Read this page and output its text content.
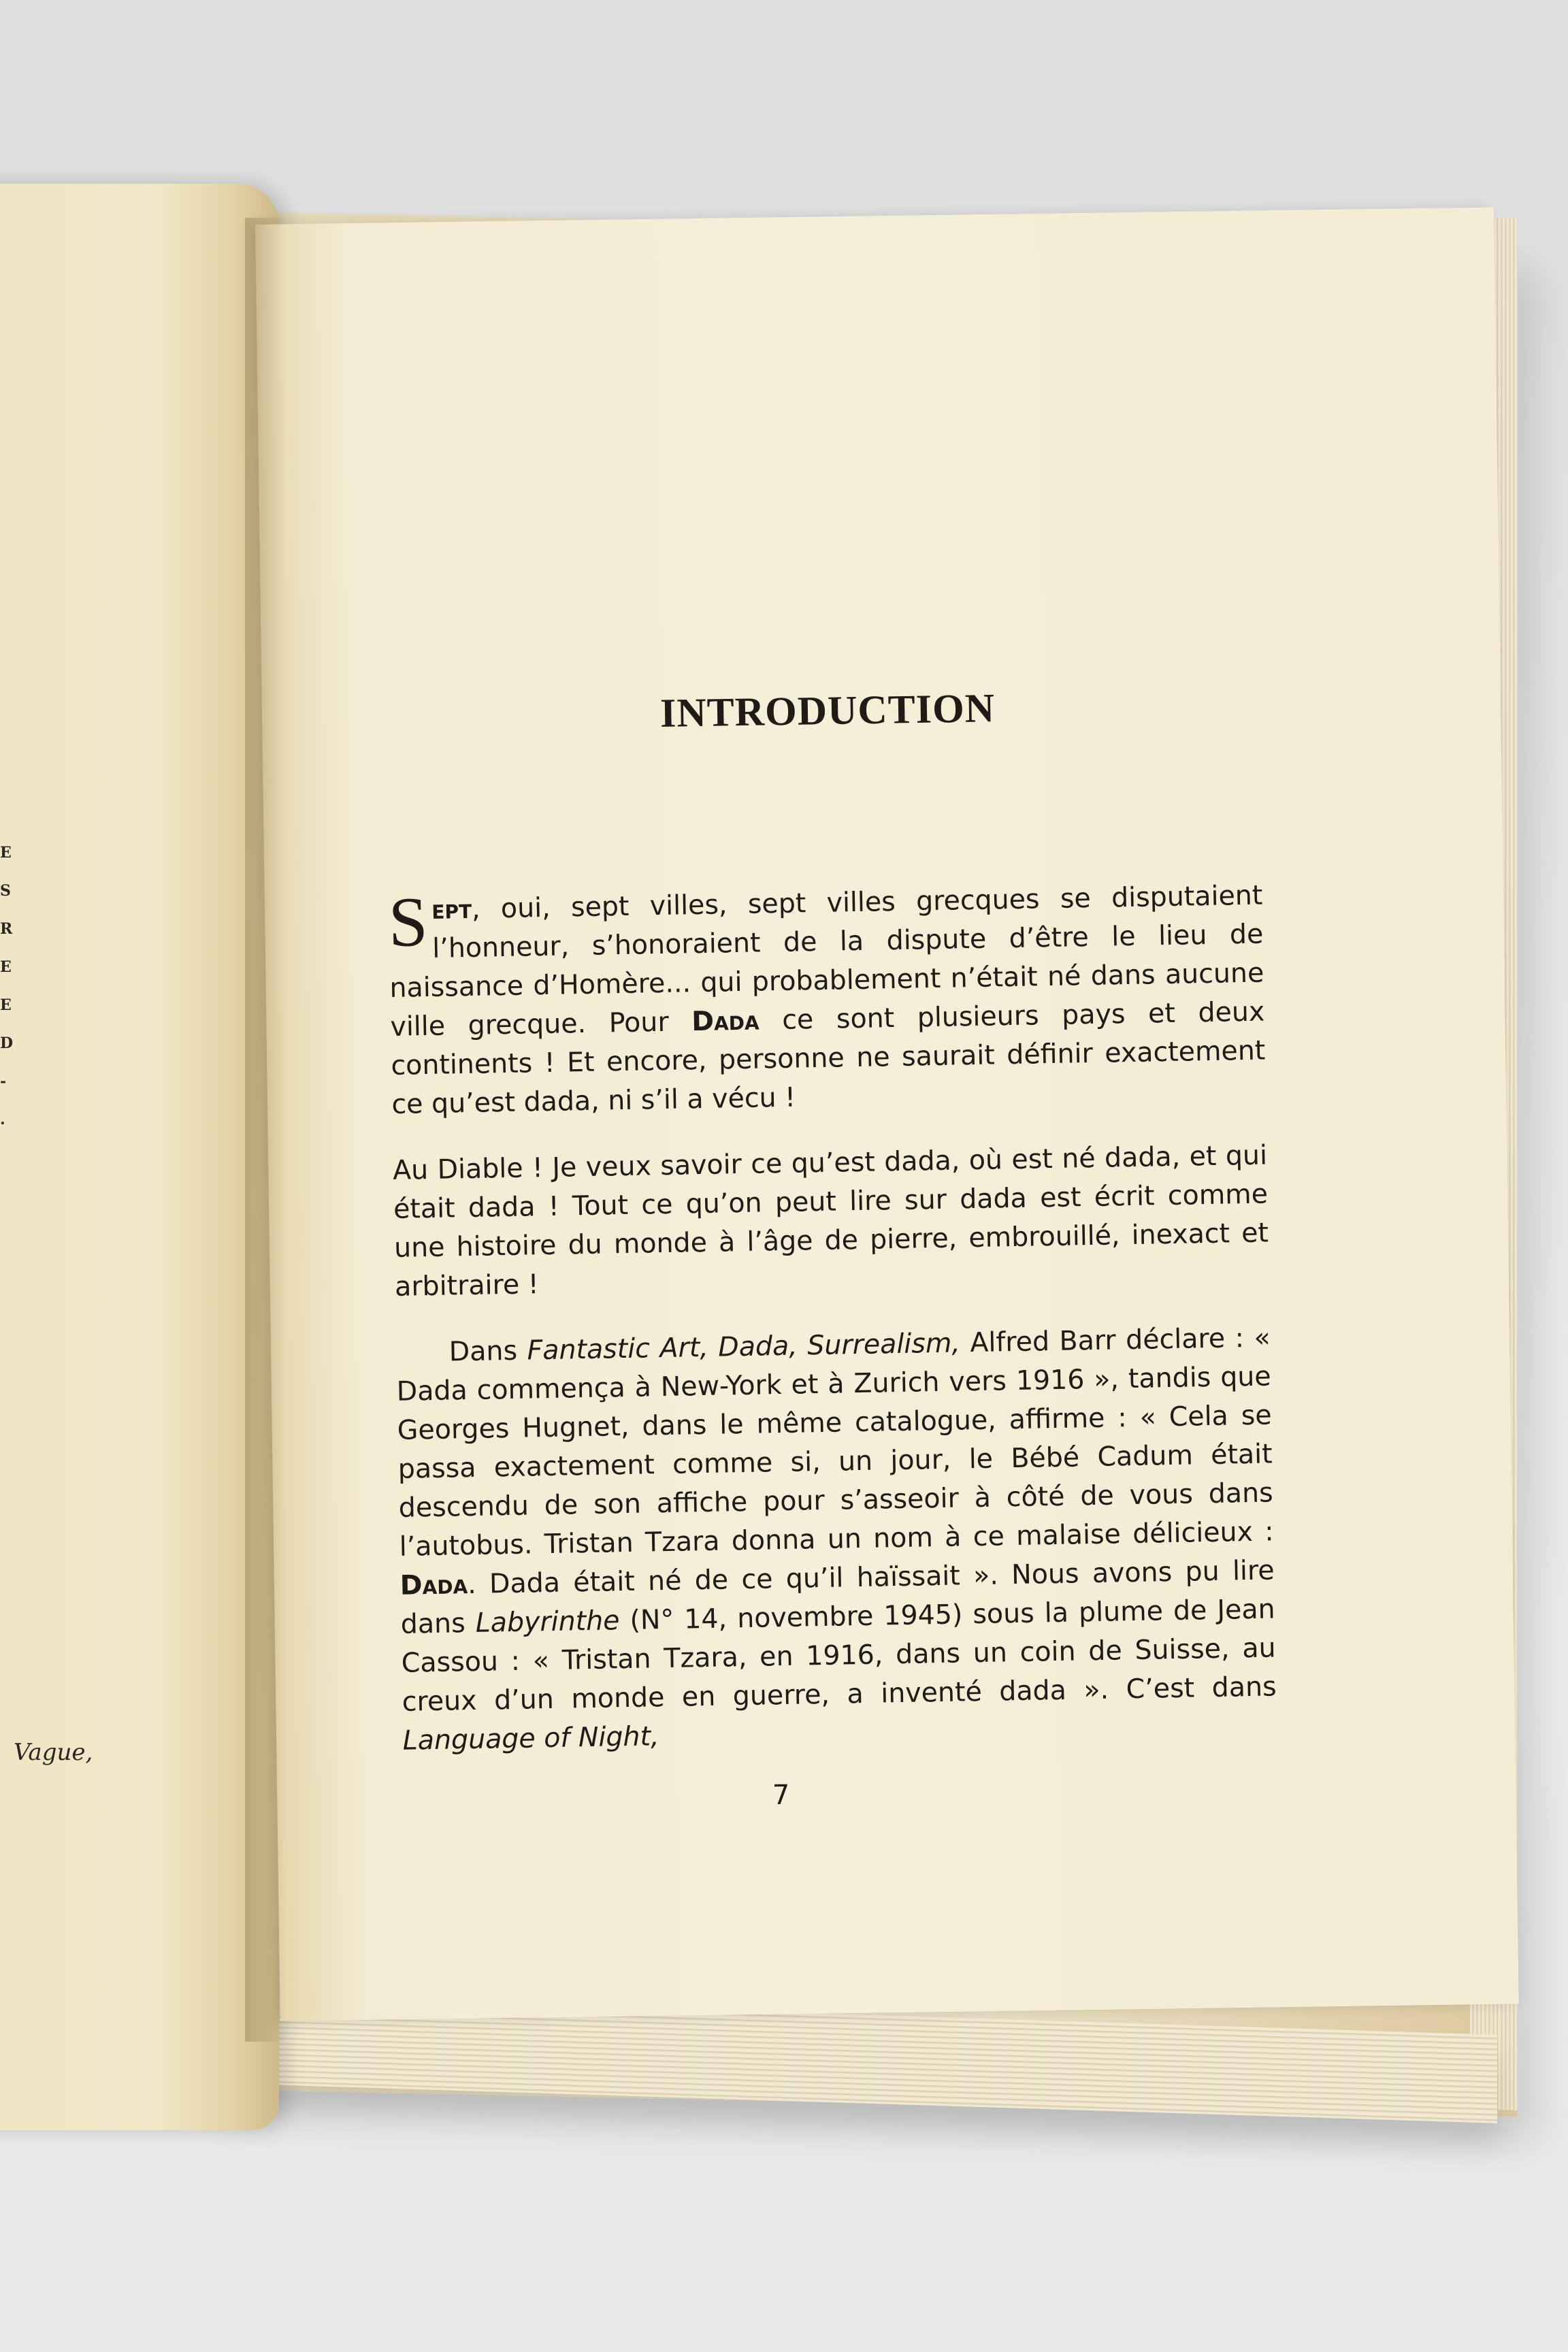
E
S
R
E
E
D
-
.
Vague,
INTRODUCTION

Sept, oui, sept villes, sept villes grecques se disputaient l’honneur, s’honoraient de la dispute d’être le lieu de naissance d’Homère... qui probablement n’était né dans aucune ville grecque. Pour Dada ce sont plusieurs pays et deux continents ! Et encore, personne ne saurait définir exactement ce qu’est dada, ni s’il a vécu !

Au Diable ! Je veux savoir ce qu’est dada, où est né dada, et qui était dada ! Tout ce qu’on peut lire sur dada est écrit comme une histoire du monde à l’âge de pierre, embrouillé, inexact et arbitraire !

Dans Fantastic Art, Dada, Surrealism, Alfred Barr déclare : « Dada commença à New-York et à Zurich vers 1916 », tandis que Georges Hugnet, dans le même catalogue, affirme : « Cela se passa exactement comme si, un jour, le Bébé Cadum était descendu de son affiche pour s’asseoir à côté de vous dans l’autobus. Tristan Tzara donna un nom à ce malaise délicieux : Dada. Dada était né de ce qu’il haïssait ». Nous avons pu lire dans Labyrinthe (N° 14, novembre 1945) sous la plume de Jean Cassou : « Tristan Tzara, en 1916, dans un coin de Suisse, au creux d’un monde en guerre, a inventé dada ». C’est dans Language of Night,

7
